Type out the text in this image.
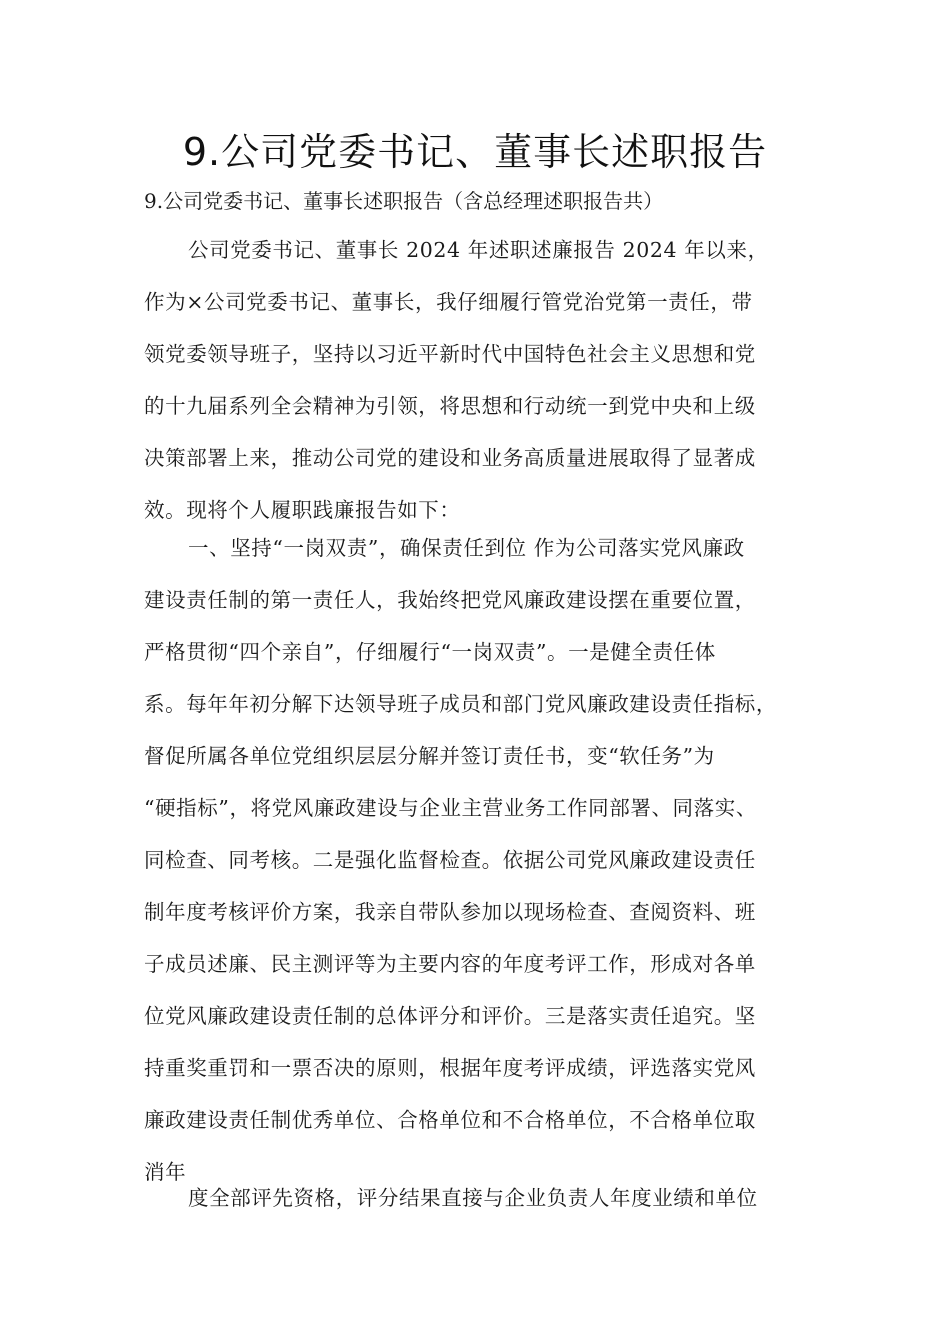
9.公司党委书记、董事长述职报告
9.公司党委书记、董事长述职报告（含总经理述职报告共）
公司党委书记、董事长 2024 年述职述廉报告 2024 年以来，
作为×公司党委书记、董事长，我仔细履行管党治党第一责任，带
领党委领导班子，坚持以习近平新时代中国特色社会主义思想和党
的十九届系列全会精神为引领，将思想和行动统一到党中央和上级
决策部署上来，推动公司党的建设和业务高质量进展取得了显著成
效。现将个人履职践廉报告如下：
一、坚持“一岗双责”，确保责任到位 作为公司落实党风廉政
建设责任制的第一责任人，我始终把党风廉政建设摆在重要位置，
严格贯彻“四个亲自”，仔细履行“一岗双责”。一是健全责任体
系。每年年初分解下达领导班子成员和部门党风廉政建设责任指标，
督促所属各单位党组织层层分解并签订责任书，变“软任务”为
“硬指标”，将党风廉政建设与企业主营业务工作同部署、同落实、
同检查、同考核。二是强化监督检查。依据公司党风廉政建设责任
制年度考核评价方案，我亲自带队参加以现场检查、查阅资料、班
子成员述廉、民主测评等为主要内容的年度考评工作，形成对各单
位党风廉政建设责任制的总体评分和评价。三是落实责任追究。坚
持重奖重罚和一票否决的原则，根据年度考评成绩，评选落实党风
廉政建设责任制优秀单位、合格单位和不合格单位，不合格单位取
消年
度全部评先资格，评分结果直接与企业负责人年度业绩和单位
